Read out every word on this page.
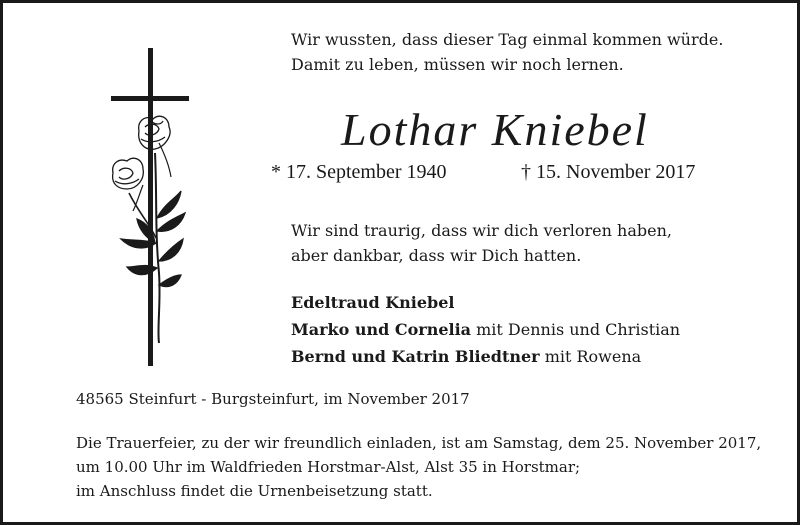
Wir wussten, dass dieser Tag einmal kommen würde.
Damit zu leben, müssen wir noch lernen.
Lothar Kniebel
* 17. September 1940	† 15. November 2017
Wir sind traurig, dass wir dich verloren haben,
aber dankbar, dass wir Dich hatten.
Edeltraud Kniebel
Marko und Cornelia mit Dennis und Christian
Bernd und Katrin Bliedtner mit Rowena
48565 Steinfurt - Burgsteinfurt, im November 2017
Die Trauerfeier, zu der wir freundlich einladen, ist am Samstag, dem 25. November 2017,
um 10.00 Uhr im Waldfrieden Horstmar-Alst, Alst 35 in Horstmar;
im Anschluss findet die Urnenbeisetzung statt.
